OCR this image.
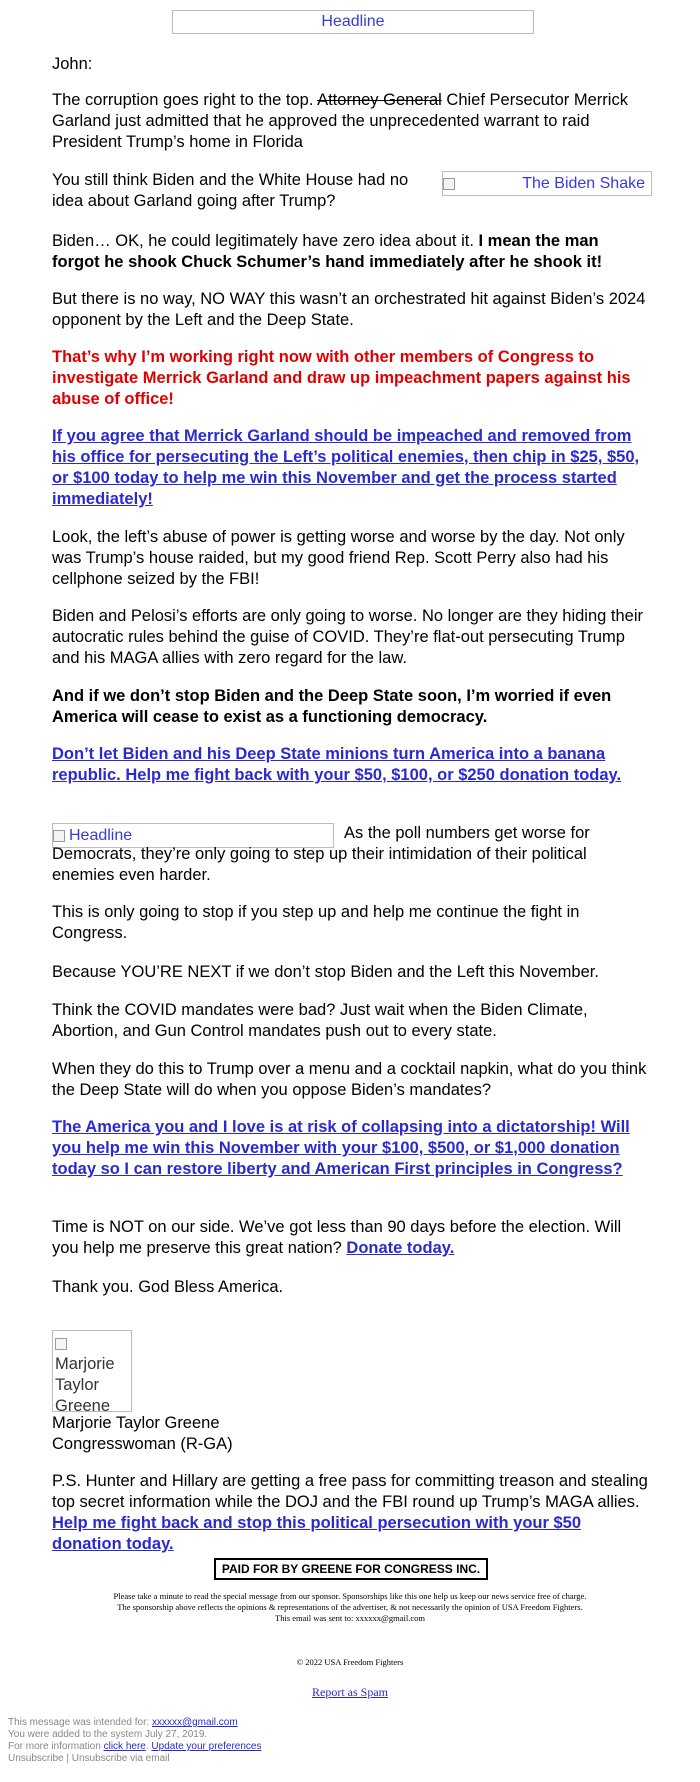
Headline

John:

The corruption goes right to the top. Attorney General Chief Persecutor Merrick Garland just admitted that he approved the unprecedented warrant to raid President Trump’s home in Florida

The Biden Shake

You still think Biden and the White House had no idea about Garland going after Trump?

Biden… OK, he could legitimately have zero idea about it. I mean the man forgot he shook Chuck Schumer’s hand immediately after he shook it!

But there is no way, NO WAY this wasn’t an orchestrated hit against Biden’s 2024 opponent by the Left and the Deep State.

That’s why I’m working right now with other members of Congress to investigate Merrick Garland and draw up impeachment papers against his abuse of office!

If you agree that Merrick Garland should be impeached and removed from his office for persecuting the Left’s political enemies, then chip in $25, $50, or $100 today to help me win this November and get the process started immediately!

Look, the left’s abuse of power is getting worse and worse by the day. Not only was Trump’s house raided, but my good friend Rep. Scott Perry also had his cellphone seized by the FBI!

Biden and Pelosi’s efforts are only going to worse. No longer are they hiding their autocratic rules behind the guise of COVID. They’re flat-out persecuting Trump and his MAGA allies with zero regard for the law.

And if we don’t stop Biden and the Deep State soon, I’m worried if even America will cease to exist as a functioning democracy.

Don’t let Biden and his Deep State minions turn America into a banana republic. Help me fight back with your $50, $100, or $250 donation today.

Headline	As the poll numbers get worse for Democrats, they’re only going to step up their intimidation of their political enemies even harder.

This is only going to stop if you step up and help me continue the fight in Congress.

Because YOU’RE NEXT if we don’t stop Biden and the Left this November.

Think the COVID mandates were bad? Just wait when the Biden Climate, Abortion, and Gun Control mandates push out to every state.

When they do this to Trump over a menu and a cocktail napkin, what do you think the Deep State will do when you oppose Biden’s mandates?

The America you and I love is at risk of collapsing into a dictatorship! Will you help me win this November with your $100, $500, or $1,000 donation today so I can restore liberty and American First principles in Congress?

Time is NOT on our side. We’ve got less than 90 days before the election. Will you help me preserve this great nation? Donate today.

Thank you. God Bless America.

Marjorie Taylor Greene

Marjorie Taylor Greene

Congresswoman (R-GA)

P.S. Hunter and Hillary are getting a free pass for committing treason and stealing top secret information while the DOJ and the FBI round up Trump’s MAGA allies. Help me fight back and stop this political persecution with your $50 donation today.

PAID FOR BY GREENE FOR CONGRESS INC.
Please take a minute to read the special message from our sponsor. Sponsorships like this one help us keep our news service free of charge.
The sponsorship above reflects the opinions & representations of the advertiser, & not necessarily the opinion of USA Freedom Fighters.
This email was sent to: xxxxxx@gmail.com
© 2022 USA Freedom Fighters
Report as Spam
This message was intended for: xxxxxx@gmail.com
You were added to the system July 27, 2019.
For more information click here. Update your preferences
Unsubscribe | Unsubscribe via email
